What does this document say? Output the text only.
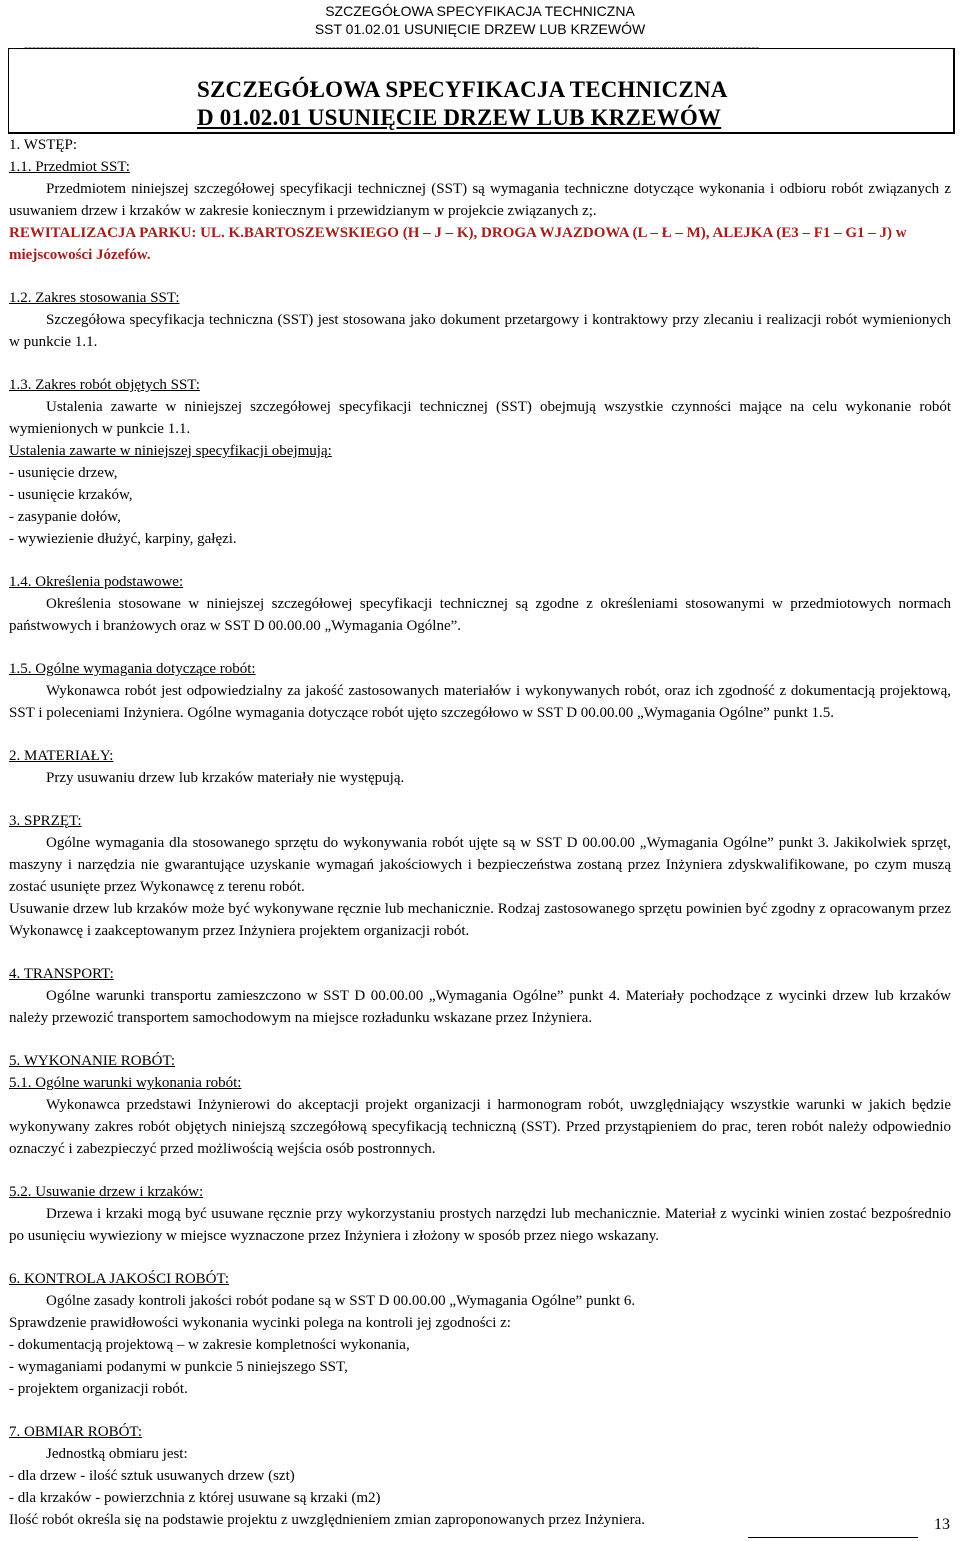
SZCZEGÓŁOWA SPECYFIKACJA TECHNICZNA
SST 01.02.01 USUNIĘCIE DRZEW LUB KRZEWÓW
----------------------------------------------------------------------------------------------------------------------------------------------------------------------------------------
SZCZEGÓŁOWA SPECYFIKACJA TECHNICZNA
D 01.02.01 USUNIĘCIE DRZEW LUB KRZEWÓW

1. WSTĘP:

1.1. Przedmiot SST:

Przedmiotem niniejszej szczegółowej specyfikacji technicznej (SST) są wymagania techniczne dotyczące wykonania i odbioru robót związanych z usuwaniem drzew i krzaków w zakresie koniecznym i przewidzianym w projekcie związanych z;.

REWITALIZACJA PARKU: UL. K.BARTOSZEWSKIEGO (H – J – K), DROGA WJAZDOWA (L – Ł – M), ALEJKA (E3 – F1 – G1 – J) w miejscowości Józefów.

1.2. Zakres stosowania SST:

Szczegółowa specyfikacja techniczna (SST) jest stosowana jako dokument przetargowy i kontraktowy przy zlecaniu i realizacji robót wymienionych w punkcie 1.1.

1.3. Zakres robót objętych SST:

Ustalenia zawarte w niniejszej szczegółowej specyfikacji technicznej (SST) obejmują wszystkie czynności mające na celu wykonanie robót wymienionych w punkcie 1.1.

Ustalenia zawarte w niniejszej specyfikacji obejmują:

- usunięcie drzew,
- usunięcie krzaków,
- zasypanie dołów,
- wywiezienie dłużyć, karpiny, gałęzi.

1.4. Określenia podstawowe:

Określenia stosowane w niniejszej szczegółowej specyfikacji technicznej są zgodne z określeniami stosowanymi w przedmiotowych normach państwowych i branżowych oraz w SST D 00.00.00 „Wymagania Ogólne”.

1.5. Ogólne wymagania dotyczące robót:

Wykonawca robót jest odpowiedzialny za jakość zastosowanych materiałów i wykonywanych robót, oraz ich zgodność z dokumentacją projektową, SST i poleceniami Inżyniera. Ogólne wymagania dotyczące robót ujęto szczegółowo w SST D 00.00.00 „Wymagania Ogólne” punkt 1.5.

2. MATERIAŁY:

Przy usuwaniu drzew lub krzaków materiały nie występują.

3. SPRZĘT:

Ogólne wymagania dla stosowanego sprzętu do wykonywania robót ujęte są w SST D 00.00.00 „Wymagania Ogólne” punkt 3. Jakikolwiek sprzęt, maszyny i narzędzia nie gwarantujące uzyskanie wymagań jakościowych i bezpieczeństwa zostaną przez Inżyniera zdyskwalifikowane, po czym muszą zostać usunięte przez Wykonawcę z terenu robót.

Usuwanie drzew lub krzaków może być wykonywane ręcznie lub mechanicznie. Rodzaj zastosowanego sprzętu powinien być zgodny z opracowanym przez Wykonawcę i zaakceptowanym przez Inżyniera projektem organizacji robót.

4. TRANSPORT:

Ogólne warunki transportu zamieszczono w SST D 00.00.00 „Wymagania Ogólne” punkt 4. Materiały pochodzące z wycinki drzew lub krzaków należy przewozić transportem samochodowym na miejsce rozładunku wskazane przez Inżyniera.

5. WYKONANIE ROBÓT:

5.1. Ogólne warunki wykonania robót:

Wykonawca przedstawi Inżynierowi do akceptacji projekt organizacji i harmonogram robót, uwzględniający wszystkie warunki w jakich będzie wykonywany zakres robót objętych niniejszą szczegółową specyfikacją techniczną (SST). Przed przystąpieniem do prac, teren robót należy odpowiednio oznaczyć i zabezpieczyć przed możliwością wejścia osób postronnych.

5.2. Usuwanie drzew i krzaków:

Drzewa i krzaki mogą być usuwane ręcznie przy wykorzystaniu prostych narzędzi lub mechanicznie. Materiał z wycinki winien zostać bezpośrednio po usunięciu wywieziony w miejsce wyznaczone przez Inżyniera i złożony w sposób przez niego wskazany.

6. KONTROLA JAKOŚCI ROBÓT:

Ogólne zasady kontroli jakości robót podane są w SST D 00.00.00 „Wymagania Ogólne” punkt 6.

Sprawdzenie prawidłowości wykonania wycinki polega na kontroli jej zgodności z:

- dokumentacją projektową – w zakresie kompletności wykonania,
- wymaganiami podanymi w punkcie 5 niniejszego SST,
- projektem organizacji robót.

7. OBMIAR ROBÓT:

Jednostką obmiaru jest:

- dla drzew - ilość sztuk usuwanych drzew (szt)
- dla krzaków - powierzchnia z której usuwane są krzaki (m2)

Ilość robót określa się na podstawie projektu z uwzględnieniem zmian zaproponowanych przez Inżyniera.	13
